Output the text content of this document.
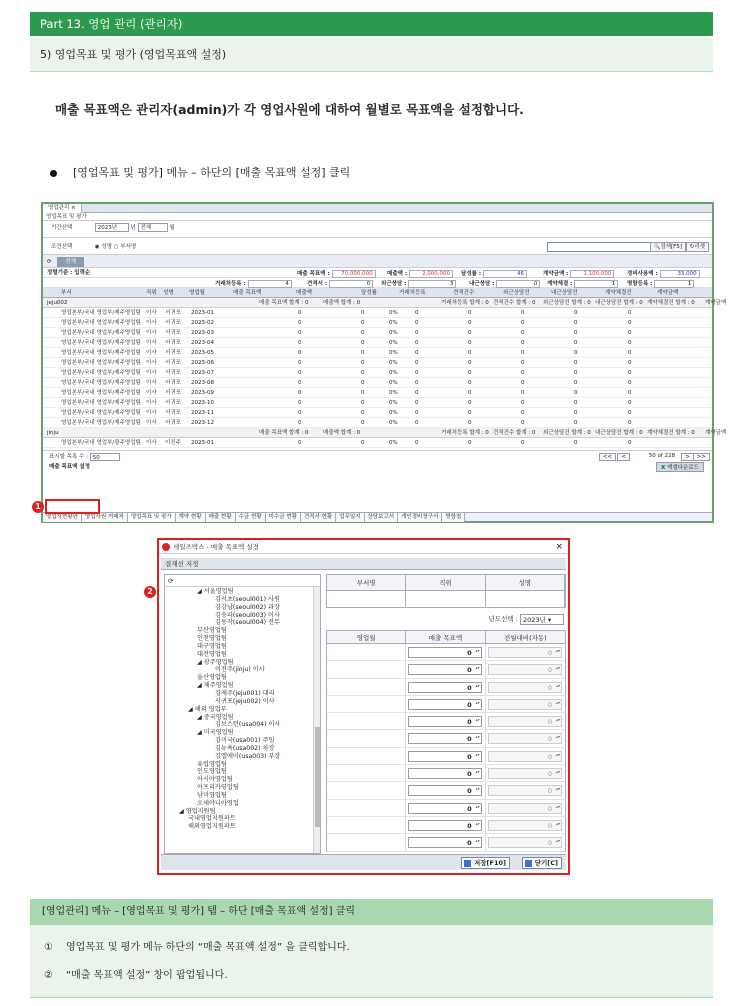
Part 13. 영업 관리 (관리자)
5) 영업목표 및 평가 (영업목표액 설정)
매출 목표액은 관리자(admin)가 각 영업사원에 대하여 월별로 목표액을 설정합니다.
[영업목표 및 평가] 메뉴 – 하단의 [매출 목표액 설정] 클릭
영업관리 ×
영업목표 및 평가
기간선택	2023년 년 전체	월
조건선택	◉ 성명 ○ 부서명	🔍검색[F5]	↻리셋
⟳	전체
정렬기준 : 입력순	매출 목표액 : 70,000,000	매출액 :	2,000,000	달성률 :	46	계약금액 :	1,100,000	경비사용액 :	33,000
거래처등록 :	4	견적서 :	0	외근상담 :	3	내근상담 :	0	계약체결 :	1	명함등록 :	1
부서	직위 성명	영업월	매출 목표액	매출액	달성률	거래처등록	견적건수	외근상담건	내근상담건	계약체결건	계약금액
매출 목표액 합계 : 0	매출액 합계 : 0	거래처등록 합계 : 0 견적건수 합계 : 0 외근상담건 합계 : 0 내근상담건 합계 : 0 계약체결건 합계 : 0 계약금액
jeju002
영업본부/국내 영업부/제주영업팀 이사 서귀포 2023-01	0	0	0%	0	0	0	0	0
영업본부/국내 영업부/제주영업팀 이사 서귀포 2023-02	0	0	0%	0	0	0	0	0
영업본부/국내 영업부/제주영업팀 이사 서귀포 2023-03	0	0	0%	0	0	0	0	0
영업본부/국내 영업부/제주영업팀 이사 서귀포 2023-04	0	0	0%	0	0	0	0	0
영업본부/국내 영업부/제주영업팀 이사 서귀포 2023-05	0	0	0%	0	0	0	0	0
영업본부/국내 영업부/제주영업팀 이사 서귀포 2023-06	0	0	0%	0	0	0	0	0
영업본부/국내 영업부/제주영업팀 이사 서귀포 2023-07	0	0	0%	0	0	0	0	0
영업본부/국내 영업부/제주영업팀 이사 서귀포 2023-08	0	0	0%	0	0	0	0	0
영업본부/국내 영업부/제주영업팀 이사 서귀포 2023-09	0	0	0%	0	0	0	0	0
영업본부/국내 영업부/제주영업팀 이사 서귀포 2023-10	0	0	0%	0	0	0	0	0
영업본부/국내 영업부/제주영업팀 이사 서귀포 2023-11	0	0	0%	0	0	0	0	0
영업본부/국내 영업부/제주영업팀 이사 서귀포 2023-12	0	0	0%	0	0	0	0	0
매출 목표액 합계 : 0	매출액 합계 : 0	거래처등록 합계 : 0 견적건수 합계 : 0 외근상담건 합계 : 0 내근상담건 합계 : 0 계약체결건 합계 : 0 계약금액
jinju
영업본부/국내 영업부/광주영업팀 이사 이진주 2023-01	0	0	0%	0	0	0	0	0
표시할 목록 수 : 50	<<	<	50 of 228	>	>>
매출 목표액 설정	X 엑셀다운로드
영업자현황판 영업사원 거래처 영업목표 및 평가 계약 현황 매출 현황 수금 현황 미수금 현황 견적서 현황 업무일지 상담보고서 개인경비청구서 명함첩
1
세일즈박스 - 매출 목표액 설정	×
결재선 지정
⟳
◢ 서울영업팀
김서초(seoul001) 사원
김강남(seoul002) 과장
김송파(seoul003) 이사
김동작(seoul004) 전무
부산영업팀
인천영업팀
대구영업팀
대전영업팀
◢ 광주영업팀
이진주(jinju) 이사
울산영업팀
◢ 제주영업팀
김제주(jeju001) 대리
서귀포(jeju002) 이사
◢ 해외 영업부
◢ 중국영업팀
김보스턴(usa004) 이사
◢ 미국영업팀
김미국(usa001) 주임
김뉴욕(usa002) 차장
김엘에이(usa003) 부장
유럽영업팀
인도영업팀
아시아영업팀
아프리카영업팀
남미영업팀
오세아니아영업
◢ 영업지원팀
국내영업지원파트
해외영업지원파트
부서명	직위	성명
년도선택 : 2023년 ▾
영업월	매출 목표액	전월대비(자동)
0 ▴▾	0 ▴▾
0 ▴▾	0 ▴▾
0 ▴▾	0 ▴▾
0 ▴▾	0 ▴▾
0 ▴▾	0 ▴▾
0 ▴▾	0 ▴▾
0 ▴▾	0 ▴▾
0 ▴▾	0 ▴▾
0 ▴▾	0 ▴▾
0 ▴▾	0 ▴▾
0 ▴▾	0 ▴▾
0 ▴▾	0 ▴▾
저장[F10]	닫기[C]
2
[영업관리] 메뉴 – [영업목표 및 평가] 탭 – 하단 [매출 목표액 설정] 클릭
① 영업목표 및 평가 메뉴 하단의 “매출 목표액 설정” 을 클릭합니다.
② “매출 목표액 설정” 창이 팝업됩니다.
